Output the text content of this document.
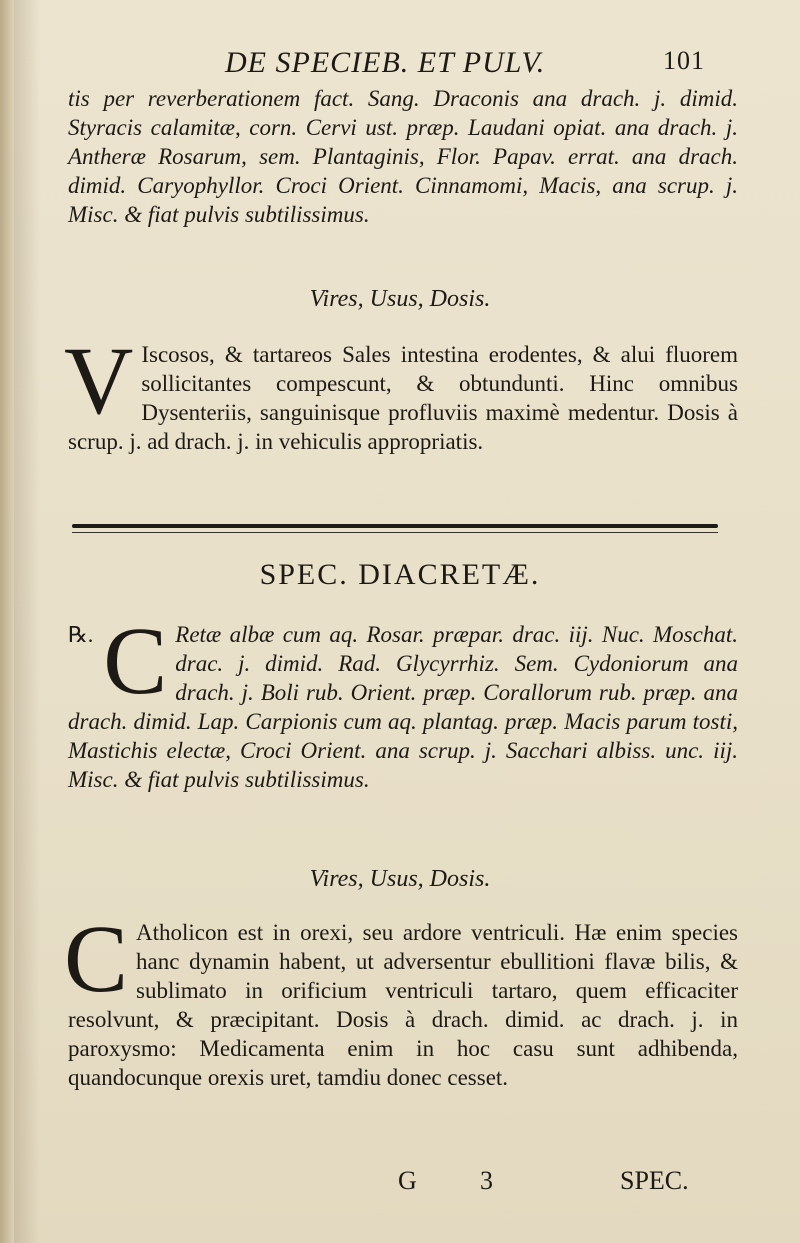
DE SPECIEB. ET PULV.	101

tis per reverberationem fact. Sang. Draconis ana drach. j. dimid. Styracis calamitæ, corn. Cervi ust. præp. Laudani opiat. ana drach. j. Antheræ Rosarum, sem. Plantaginis, Flor. Papav. errat. ana drach. dimid. Caryophyllor. Croci Orient. Cinnamomi, Macis, ana scrup. j. Misc. & fiat pulvis subtilissimus.

Vires, Usus, Dosis.
V Iscosos, & tartareos Sales intestina erodentes, & alui fluorem sollicitantes compescunt, & obtundunti. Hinc omnibus Dysenteriis, sanguinisque profluviis maximè medentur. Dosis à scrup. j. ad drach. j. in vehiculis appropriatis.

SPEC. DIACRETÆ.
℞. C Retæ albæ cum aq. Rosar. præpar. drac. iij. Nuc. Moschat. drac. j. dimid. Rad. Glycyrrhiz. Sem. Cydoniorum ana drach. j. Boli rub. Orient. præp. Corallorum rub. præp. ana drach. dimid. Lap. Carpionis cum aq. plantag. præp. Macis parum tosti, Mastichis electæ, Croci Orient. ana scrup. j. Sacchari albiss. unc. iij. Misc. & fiat pulvis subtilissimus.

Vires, Usus, Dosis.
C Atholicon est in orexi, seu ardore ventriculi. Hæ enim species hanc dynamin habent, ut adversentur ebullitioni flavæ bilis, & sublimato in orificium ventriculi tartaro, quem efficaciter resolvunt, & præcipitant. Dosis à drach. dimid. ac drach. j. in paroxysmo: Medicamenta enim in hoc casu sunt adhibenda, quandocunque orexis uret, tamdiu donec cesset.

G 3	SPEC.
